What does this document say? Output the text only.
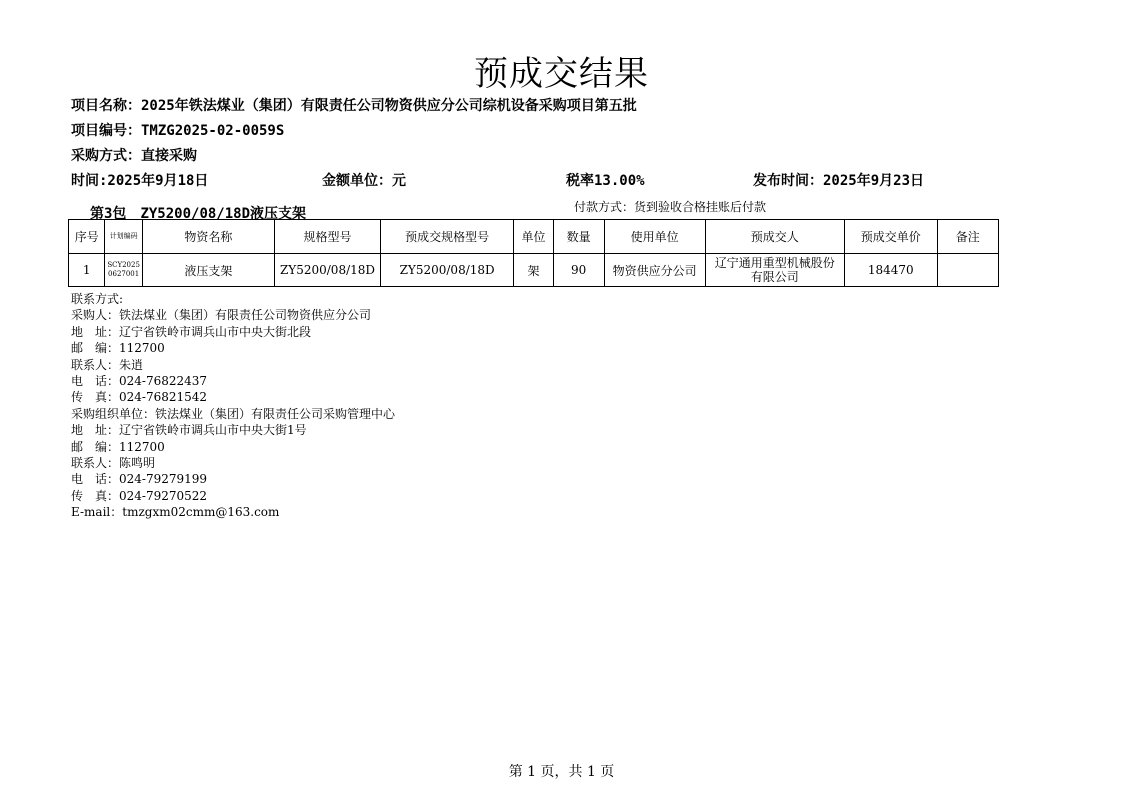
预成交结果
项目名称：2025年铁法煤业（集团）有限责任公司物资供应分公司综机设备采购项目第五批
项目编号：TMZG2025-02-0059S
采购方式：直接采购
时间:2025年9月18日	金额单位：元	税率13.00%	发布时间：2025年9月23日
第3包 ZY5200/08/18D液压支架	付款方式：货到验收合格挂账后付款
序号	计划编码	物资名称	规格型号	预成交规格型号	单位	数量	使用单位	预成交人	预成交单价	备注
1	SCY20250627001	液压支架	ZY5200/08/18D	ZY5200/08/18D	架	90	物资供应分公司	辽宁通用重型机械股份有限公司	184470	
联系方式:
采购人：铁法煤业（集团）有限责任公司物资供应分公司
地　址：辽宁省铁岭市调兵山市中央大街北段
邮　编：112700
联系人：朱逍
电　话：024-76822437
传　真：024-76821542
采购组织单位：铁法煤业（集团）有限责任公司采购管理中心
地　址：辽宁省铁岭市调兵山市中央大街1号
邮　编：112700
联系人：陈鸣明
电　话：024-79279199
传　真：024-79270522
E-mail：tmzgxm02cmm@163.com
第 1 页，共 1 页
